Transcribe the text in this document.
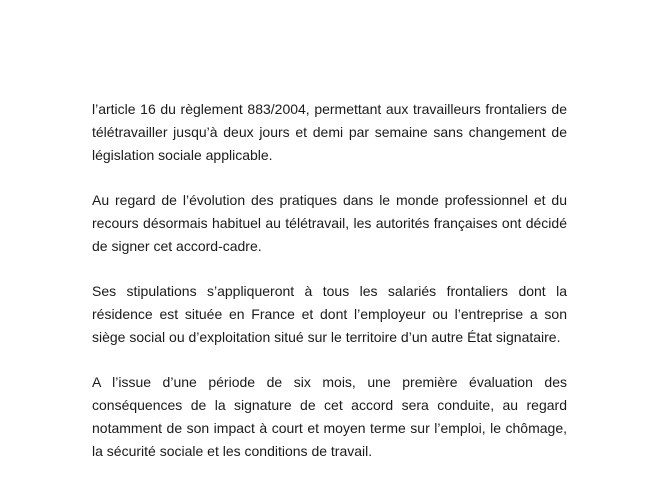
l’article 16 du règlement 883/2004, permettant aux travailleurs frontaliers de télétravailler jusqu’à deux jours et demi par semaine sans changement de législation sociale applicable.

Au regard de l’évolution des pratiques dans le monde professionnel et du recours désormais habituel au télétravail, les autorités françaises ont décidé de signer cet accord-cadre.

Ses stipulations s’appliqueront à tous les salariés frontaliers dont la résidence est située en France et dont l’employeur ou l’entreprise a son siège social ou d’exploitation situé sur le territoire d’un autre État signataire.

A l’issue d’une période de six mois, une première évaluation des conséquences de la signature de cet accord sera conduite, au regard notamment de son impact à court et moyen terme sur l’emploi, le chômage, la sécurité sociale et les conditions de travail.
